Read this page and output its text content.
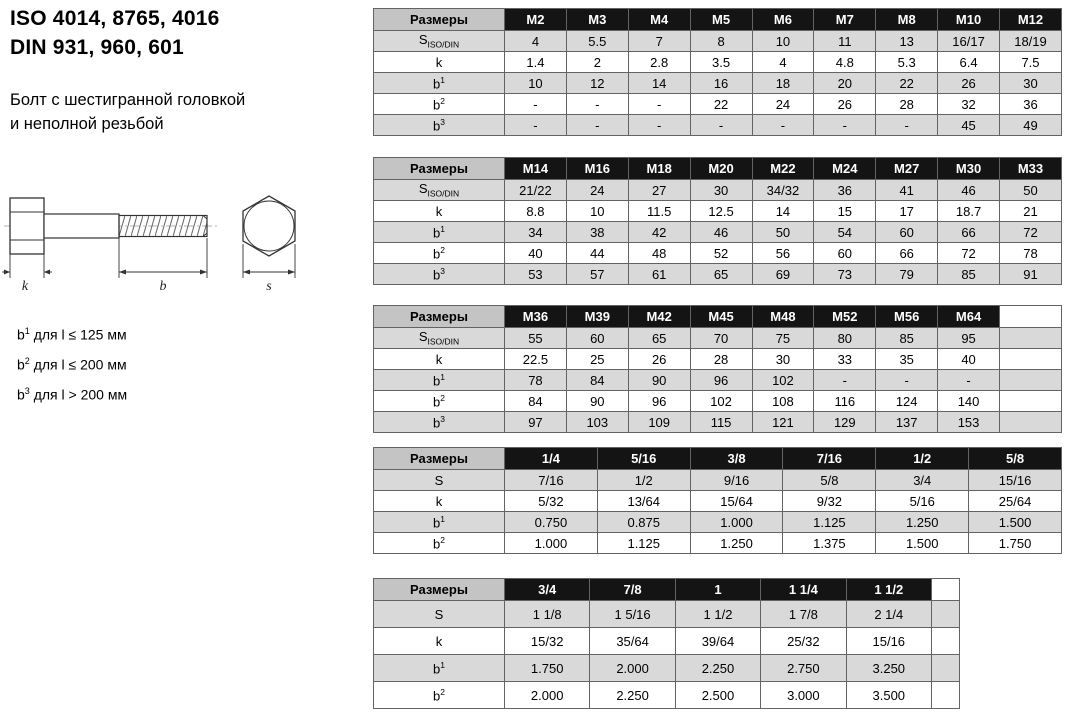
ISO 4014, 8765, 4016
DIN 931, 960, 601
Болт с шестигранной головкой
и неполной резьбой
k	b	s
$b^1$ для l ≤ 125 мм
$b^2$ для l ≤ 200 мм
$b^3$ для l > 200 мм
Размеры	M2	M3	M4	M5	M6	M7	M8	M10	M12
$S_{ISO/DIN}$	4	5.5	7	8	10	11	13	16/17	18/19
k	1.4	2	2.8	3.5	4	4.8	5.3	6.4	7.5
$b^1$	10	12	14	16	18	20	22	26	30
$b^2$	-	-	-	22	24	26	28	32	36
$b^3$	-	-	-	-	-	-	-	45	49
Размеры	M14	M16	M18	M20	M22	M24	M27	M30	M33
$S_{ISO/DIN}$	21/22	24	27	30	34/32	36	41	46	50
k	8.8	10	11.5	12.5	14	15	17	18.7	21
$b^1$	34	38	42	46	50	54	60	66	72
$b^2$	40	44	48	52	56	60	66	72	78
$b^3$	53	57	61	65	69	73	79	85	91
Размеры	M36	M39	M42	M45	M48	M52	M56	M64	
$S_{ISO/DIN}$	55	60	65	70	75	80	85	95	
k	22.5	25	26	28	30	33	35	40	
$b^1$	78	84	90	96	102	-	-	-	
$b^2$	84	90	96	102	108	116	124	140	
$b^3$	97	103	109	115	121	129	137	153	
Размеры	1/4	5/16	3/8	7/16	1/2	5/8
S	7/16	1/2	9/16	5/8	3/4	15/16
k	5/32	13/64	15/64	9/32	5/16	25/64
$b^1$	0.750	0.875	1.000	1.125	1.250	1.500
$b^2$	1.000	1.125	1.250	1.375	1.500	1.750
Размеры	3/4	7/8	1	1 1/4	1 1/2	
S	1 1/8	1 5/16	1 1/2	1 7/8	2 1/4	
k	15/32	35/64	39/64	25/32	15/16	
$b^1$	1.750	2.000	2.250	2.750	3.250	
$b^2$	2.000	2.250	2.500	3.000	3.500	
